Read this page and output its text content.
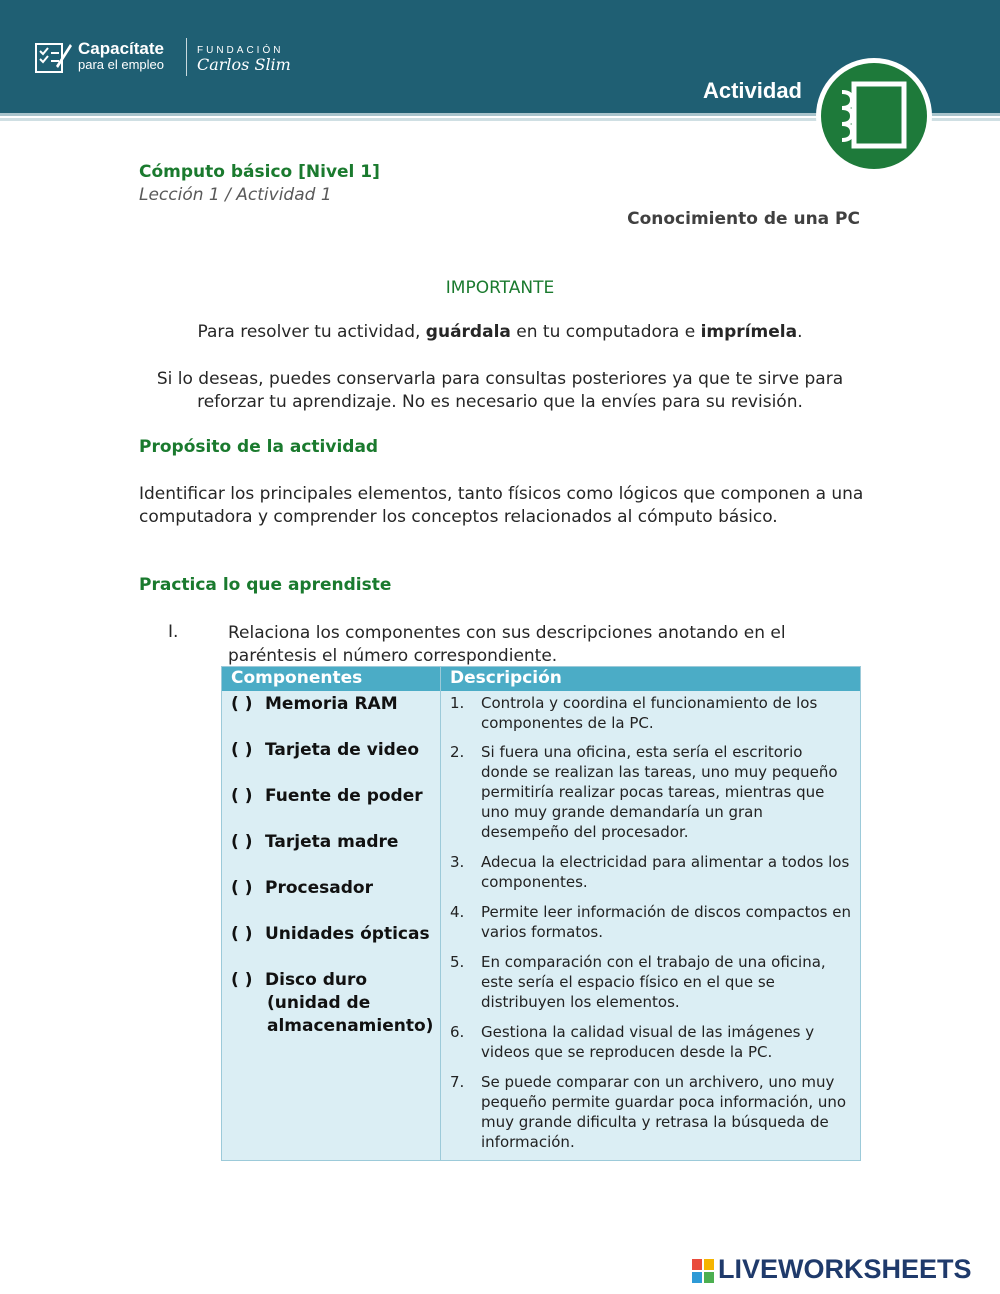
Capacítate
para el empleo
FUNDACIÓN
Carlos Slim
Actividad
Cómputo básico [Nivel 1]
Lección 1 / Actividad 1
Conocimiento de una PC
IMPORTANTE
Para resolver tu actividad, guárdala en tu computadora e imprímela.
Si lo deseas, puedes conservarla para consultas posteriores ya que te sirve para reforzar tu aprendizaje. No es necesario que la envíes para su revisión.
Propósito de la actividad
Identificar los principales elementos, tanto físicos como lógicos que componen a una computadora y comprender los conceptos relacionados al cómputo básico.
Practica lo que aprendiste
I.	Relaciona los componentes con sus descripciones anotando en el paréntesis el número correspondiente.
Componentes	Descripción
( ) Memoria RAM
( ) Tarjeta de video
( ) Fuente de poder
( ) Tarjeta madre
( ) Procesador
( ) Unidades ópticas
( ) Disco duro
(unidad de
almacenamiento)
1. Controla y coordina el funcionamiento de los componentes de la PC.
2. Si fuera una oficina, esta sería el escritorio donde se realizan las tareas, uno muy pequeño permitiría realizar pocas tareas, mientras que uno muy grande demandaría un gran desempeño del procesador.
3. Adecua la electricidad para alimentar a todos los componentes.
4. Permite leer información de discos compactos en varios formatos.
5. En comparación con el trabajo de una oficina, este sería el espacio físico en el que se distribuyen los elementos.
6. Gestiona la calidad visual de las imágenes y videos que se reproducen desde la PC.
7. Se puede comparar con un archivero, uno muy pequeño permite guardar poca información, uno muy grande dificulta y retrasa la búsqueda de información.
LIVEWORKSHEETS
